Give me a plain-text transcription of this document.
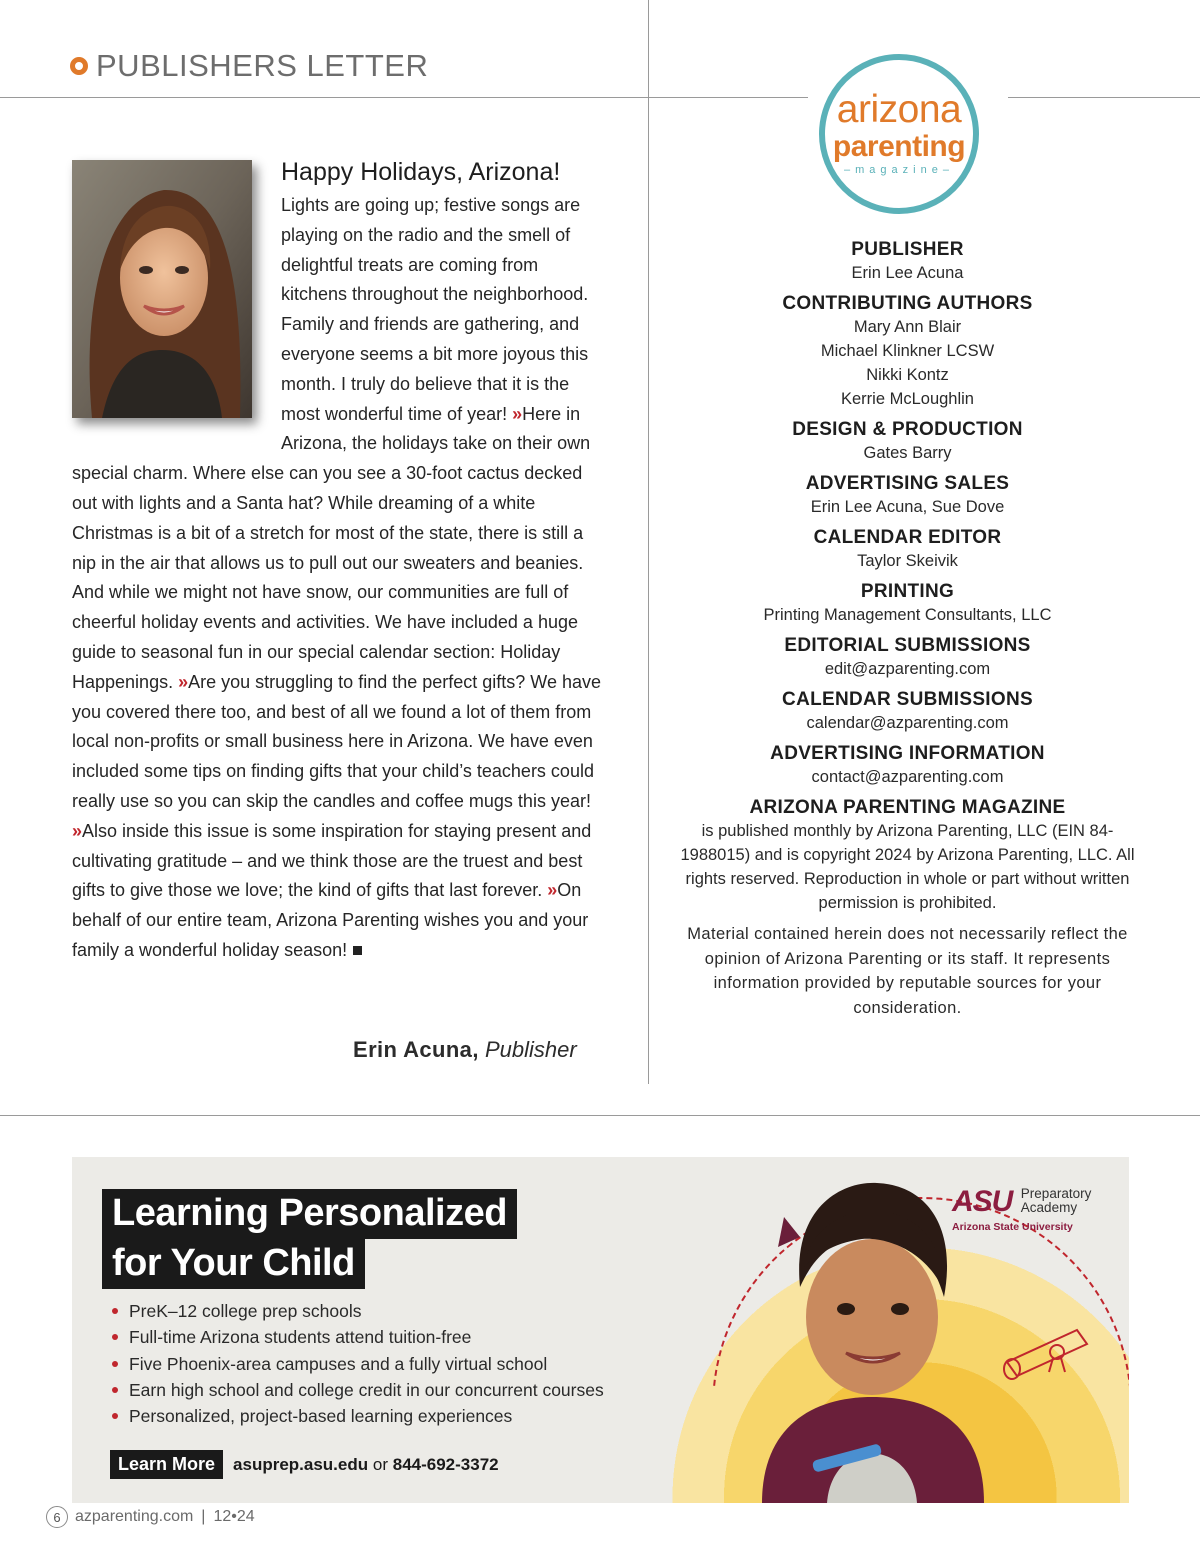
PUBLISHERS LETTER
Happy Holidays, Arizona!

Lights are going up; festive songs are playing on the radio and the smell of delightful treats are coming from kitchens throughout the neighborhood. Family and friends are gathering, and everyone seems a bit more joyous this month. I truly do believe that it is the most wonderful time of year! »Here in Arizona, the holidays take on their own special charm. Where else can you see a 30-foot cactus decked out with lights and a Santa hat? While dreaming of a white Christmas is a bit of a stretch for most of the state, there is still a nip in the air that allows us to pull out our sweaters and beanies. And while we might not have snow, our communities are full of cheerful holiday events and activities. We have included a huge guide to seasonal fun in our special calendar section: Holiday Happenings. »Are you struggling to find the perfect gifts? We have you covered there too, and best of all we found a lot of them from local non-profits or small business here in Arizona. We have even included some tips on finding gifts that your child’s teachers could really use so you can skip the candles and coffee mugs this year! »Also inside this issue is some inspiration for staying present and cultivating gratitude – and we think those are the truest and best gifts to give those we love; the kind of gifts that last forever. »On behalf of our entire team, Arizona Parenting wishes you and your family a wonderful holiday season!

Erin Acuna, Publisher
arizona
parenting
–magazine–
PUBLISHER
Erin Lee Acuna
CONTRIBUTING AUTHORS
Mary Ann Blair
Michael Klinkner LCSW
Nikki Kontz
Kerrie McLoughlin
DESIGN & PRODUCTION
Gates Barry
ADVERTISING SALES
Erin Lee Acuna, Sue Dove
CALENDAR EDITOR
Taylor Skeivik
PRINTING
Printing Management Consultants, LLC
EDITORIAL SUBMISSIONS
edit@azparenting.com
CALENDAR SUBMISSIONS
calendar@azparenting.com
ADVERTISING INFORMATION
contact@azparenting.com
ARIZONA PARENTING MAGAZINE
is published monthly by Arizona Parenting, LLC (EIN 84-1988015) and is copyright 2024 by Arizona Parenting, LLC. All rights reserved. Reproduction in whole or part without written permission is prohibited.

Material contained herein does not necessarily reflect the opinion of Arizona Parenting or its staff. It represents information provided by reputable sources for your consideration.

Learning Personalized
for Your Child
PreK–12 college prep schools
Full-time Arizona students attend tuition-free
Five Phoenix-area campuses and a fully virtual school
Earn high school and college credit in our concurrent courses
Personalized, project-based learning experiences
Learn More	asuprep.asu.edu or 844-692-3372
ASU Preparatory
Academy
Arizona State University
6 azparenting.com | 12•24
